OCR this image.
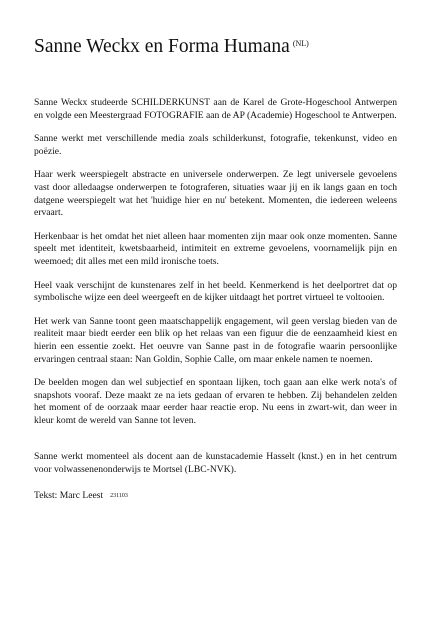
Sanne Weckx en Forma Humana $^{(NL)}$

Sanne Weckx studeerde SCHILDERKUNST aan de Karel de Grote-Hogeschool Antwerpen en volgde een Meestergraad FOTOGRAFIE aan de AP (Academie) Hogeschool te Antwerpen.

Sanne werkt met verschillende media zoals schilderkunst, fotografie, tekenkunst, video en poëzie.

Haar werk weerspiegelt abstracte en universele onderwerpen. Ze legt universele gevoelens vast door alledaagse onderwerpen te fotograferen, situaties waar jij en ik langs gaan en toch datgene weerspiegelt wat het 'huidige hier en nu' betekent. Momenten, die iedereen weleens ervaart.

Herkenbaar is het omdat het niet alleen haar momenten zijn maar ook onze momenten. Sanne speelt met identiteit, kwetsbaarheid, intimiteit en extreme gevoelens, voornamelijk pijn en weemoed; dit alles met een mild ironische toets.

Heel vaak verschijnt de kunstenares zelf in het beeld. Kenmerkend is het deelportret dat op symbolische wijze een deel weergeeft en de kijker uitdaagt het portret virtueel te voltooien.

Het werk van Sanne toont geen maatschappelijk engagement, wil geen verslag bieden van de realiteit maar biedt eerder een blik op het relaas van een figuur die de eenzaamheid kiest en hierin een essentie zoekt. Het oeuvre van Sanne past in de fotografie waarin persoonlijke ervaringen centraal staan: Nan Goldin, Sophie Calle, om maar enkele namen te noemen.

De beelden mogen dan wel subjectief en spontaan lijken, toch gaan aan elke werk nota's of snapshots vooraf. Deze maakt ze na iets gedaan of ervaren te hebben. Zij behandelen zelden het moment of de oorzaak maar eerder haar reactie erop. Nu eens in zwart-wit, dan weer in kleur komt de wereld van Sanne tot leven.

Sanne werkt momenteel als docent aan de kunstacademie Hasselt (knst.) en in het centrum voor volwassenenonderwijs te Mortsel (LBC-NVK).

Tekst: Marc Leest 231103
